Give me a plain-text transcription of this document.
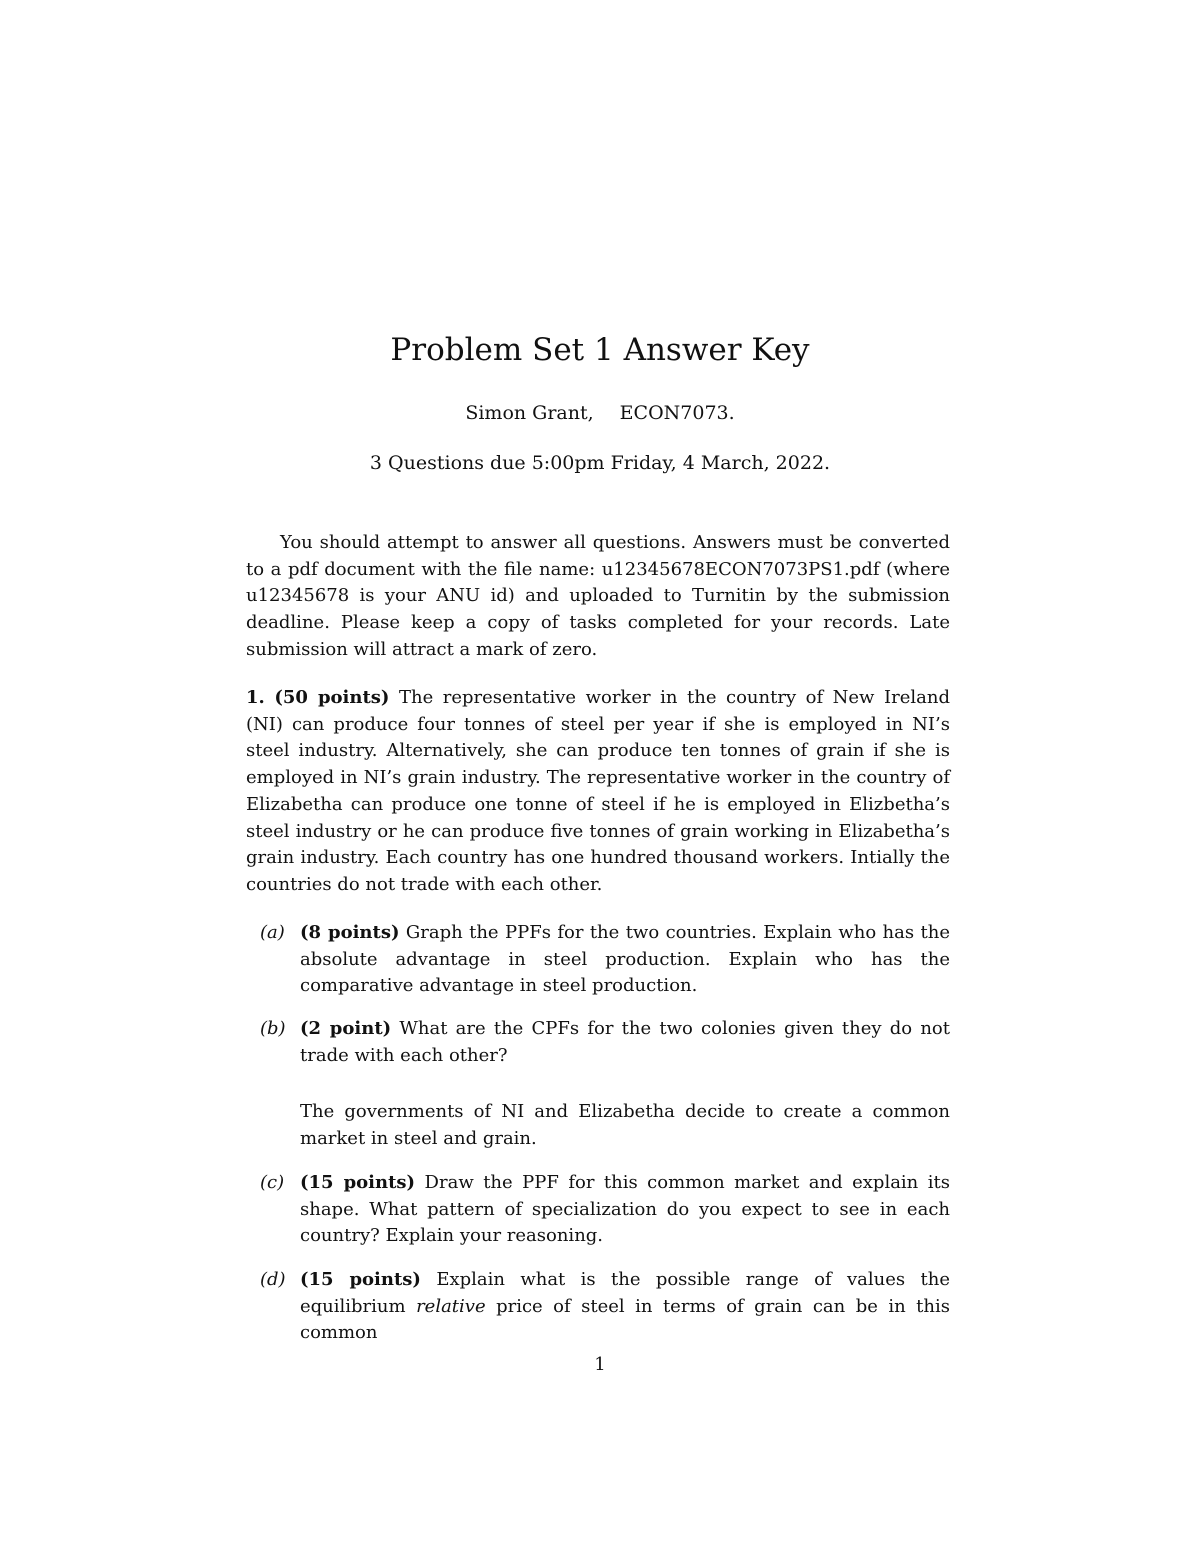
Problem Set 1 Answer Key
Simon Grant, ECON7073.
3 Questions due 5:00pm Friday, 4 March, 2022.
You should attempt to answer all questions. Answers must be converted to a pdf document with the file name: u12345678ECON7073PS1.pdf (where u12345678 is your ANU id) and uploaded to Turnitin by the submission deadline. Please keep a copy of tasks completed for your records. Late submission will attract a mark of zero.
1. (50 points) The representative worker in the country of New Ireland (NI) can produce four tonnes of steel per year if she is employed in NI’s steel industry. Alternatively, she can produce ten tonnes of grain if she is employed in NI’s grain industry. The representative worker in the country of Elizabetha can produce one tonne of steel if he is employed in Elizbetha’s steel industry or he can produce five tonnes of grain working in Elizabetha’s grain industry. Each country has one hundred thousand workers. Intially the countries do not trade with each other.
(a) (8 points) Graph the PPFs for the two countries. Explain who has the absolute advantage in steel production. Explain who has the comparative advantage in steel production.
(b) (2 point) What are the CPFs for the two colonies given they do not trade with each other?
The governments of NI and Elizabetha decide to create a common market in steel and grain.
(c) (15 points) Draw the PPF for this common market and explain its shape. What pattern of specialization do you expect to see in each country? Explain your reasoning.
(d) (15 points) Explain what is the possible range of values the equilibrium relative price of steel in terms of grain can be in this common
1
